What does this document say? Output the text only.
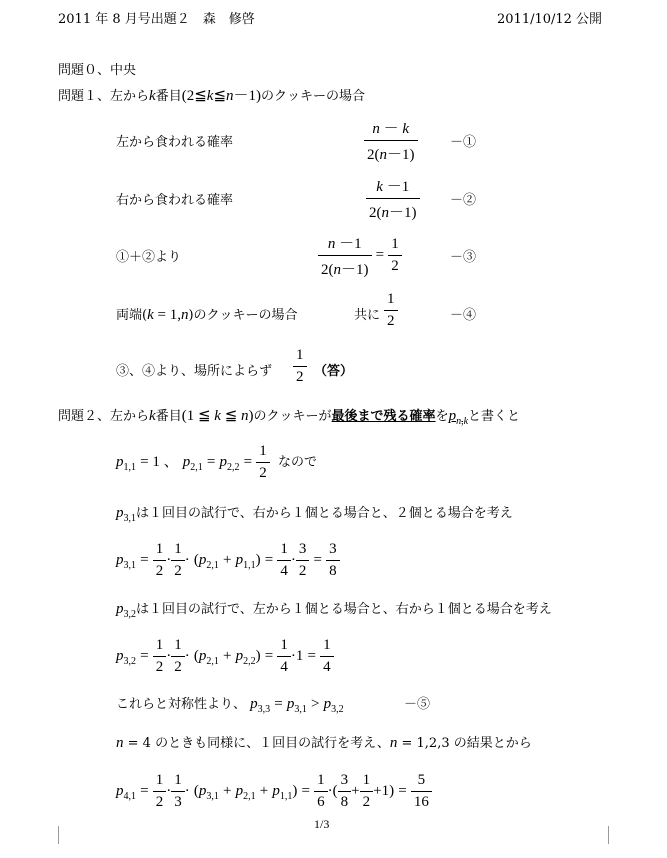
2011 年 8 月号出題２　森　修啓	2011/10/12 公開
問題０、中央
問題１、左からk番目(2≦k≦n－1)のクッキーの場合
左から食われる確率	$\frac{n - k}{2(n-1)}$	－①
右から食われる確率	$\frac{k -1}{2(n-1)}$ －②
①＋②より	$\frac{n -1}{2(n-1)} = \frac{1}{2}$	－③
両端(k = 1,n)のクッキーの場合	共に $\frac{1}{2}$	－④
③、④より、場所によらず $\frac{1}{2}$ （答）
問題２、左からk番目(1 ≦ k ≦ n)のクッキーが最後まで残る確率を$p_{n,k}$と書くと
$p_{1,1} = 1$ 、 $p_{2,1} = p_{2,2} = \frac{1}{2}$ なので
$p_{3,1}$は１回目の試行で、右から１個とる場合と、２個とる場合を考え
$p_{3,1} = \frac{1}{2} \cdot \frac{1}{2} \cdot (p_{2,1} + p_{1,1}) = \frac{1}{4} \cdot \frac{3}{2} = \frac{3}{8}$
$p_{3,2}$は１回目の試行で、左から１個とる場合と、右から１個とる場合を考え
$p_{3,2} = \frac{1}{2} \cdot \frac{1}{2} \cdot (p_{2,1} + p_{2,2}) = \frac{1}{4} \cdot 1 = \frac{1}{4}$
これらと対称性より、 $p_{3,3} = p_{3,1} > p_{3,2}$	－⑤
n = 4 のときも同様に、１回目の試行を考え、n = 1,2,3 の結果とから
$p_{4,1} = \frac{1}{2} \cdot \frac{1}{3} \cdot (p_{3,1} + p_{2,1} + p_{1,1}) = \frac{1}{6}$ ·( $\frac{3}{8} + \frac{1}{2} +1) = \frac{5}{16}$
1/3
